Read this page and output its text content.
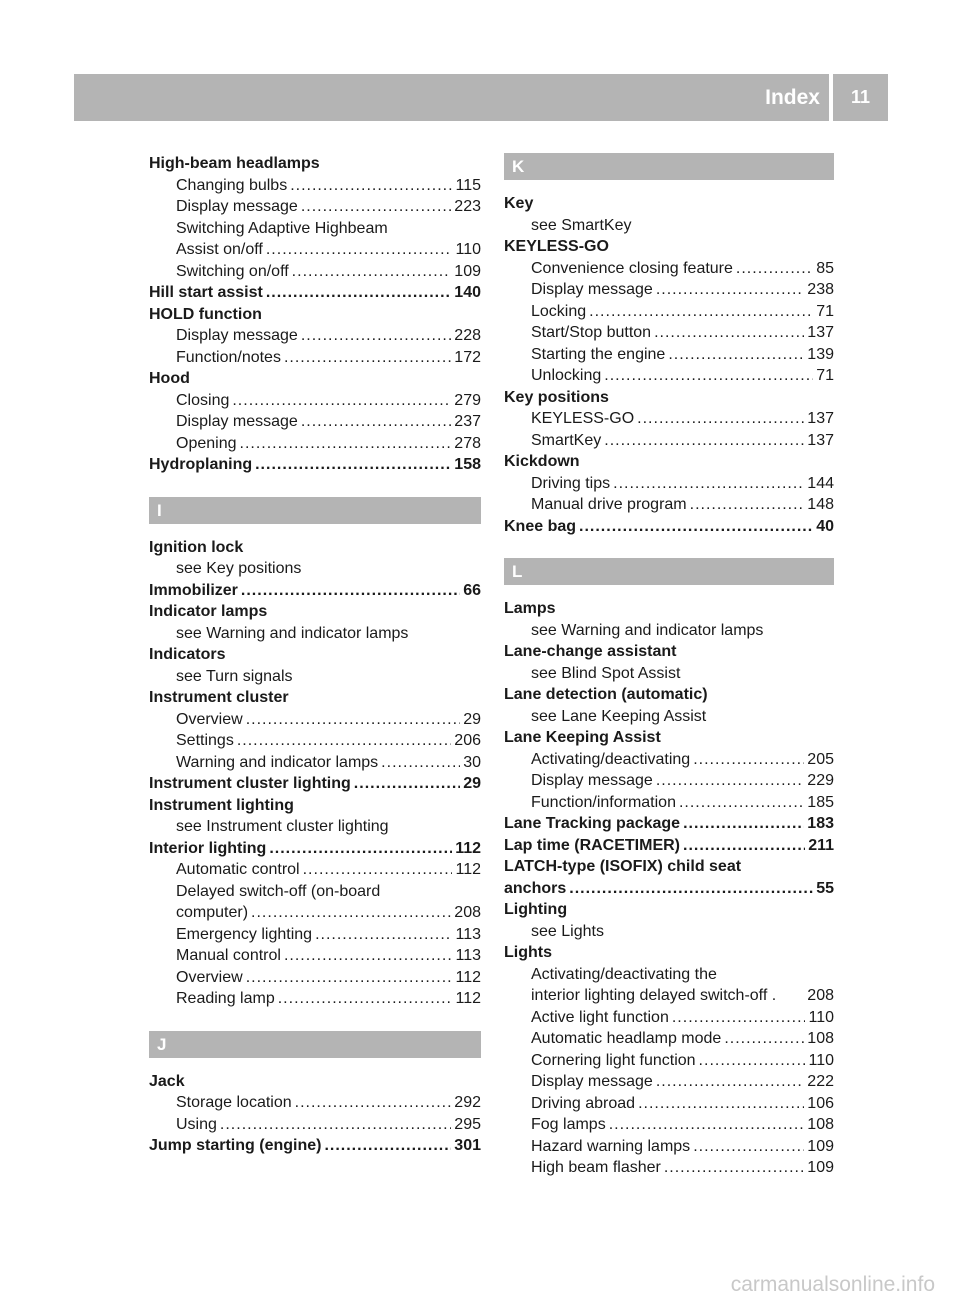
Index	11
High-beam headlamps
Changing bulbs .....	115
Display message .....	223
Switching Adaptive Highbeam
Assist on/off .....	110
Switching on/off .....	109
Hill start assist .....	140
HOLD function
Display message .....	228
Function/notes .....	172
Hood
Closing .....	279
Display message .....	237
Opening .....	278
Hydroplaning .....	158
I
Ignition lock
see Key positions
Immobilizer .....	66
Indicator lamps
see Warning and indicator lamps
Indicators
see Turn signals
Instrument cluster
Overview .....	29
Settings .....	206
Warning and indicator lamps .....	30
Instrument cluster lighting .....	29
Instrument lighting
see Instrument cluster lighting
Interior lighting .....	112
Automatic control .....	112
Delayed switch-off (on-board
computer) .....	208
Emergency lighting .....	113
Manual control .....	113
Overview .....	112
Reading lamp .....	112
J
Jack
Storage location .....	292
Using .....	295
Jump starting (engine) .....	301
K
Key
see SmartKey
KEYLESS-GO
Convenience closing feature .....	85
Display message .....	238
Locking .....	71
Start/Stop button .....	137
Starting the engine .....	139
Unlocking .....	71
Key positions
KEYLESS-GO .....	137
SmartKey .....	137
Kickdown
Driving tips .....	144
Manual drive program .....	148
Knee bag .....	40
L
Lamps
see Warning and indicator lamps
Lane-change assistant
see Blind Spot Assist
Lane detection (automatic)
see Lane Keeping Assist
Lane Keeping Assist
Activating/deactivating .....	205
Display message .....	229
Function/information .....	185
Lane Tracking package .....	183
Lap time (RACETIMER) .....	211
LATCH-type (ISOFIX) child seat
anchors .....	55
Lighting
see Lights
Lights
Activating/deactivating the
interior lighting delayed switch-off . 208
Active light function .....	110
Automatic headlamp mode .....	108
Cornering light function .....	110
Display message .....	222
Driving abroad .....	106
Fog lamps .....	108
Hazard warning lamps .....	109
High beam flasher .....	109
carmanualsonline.info
